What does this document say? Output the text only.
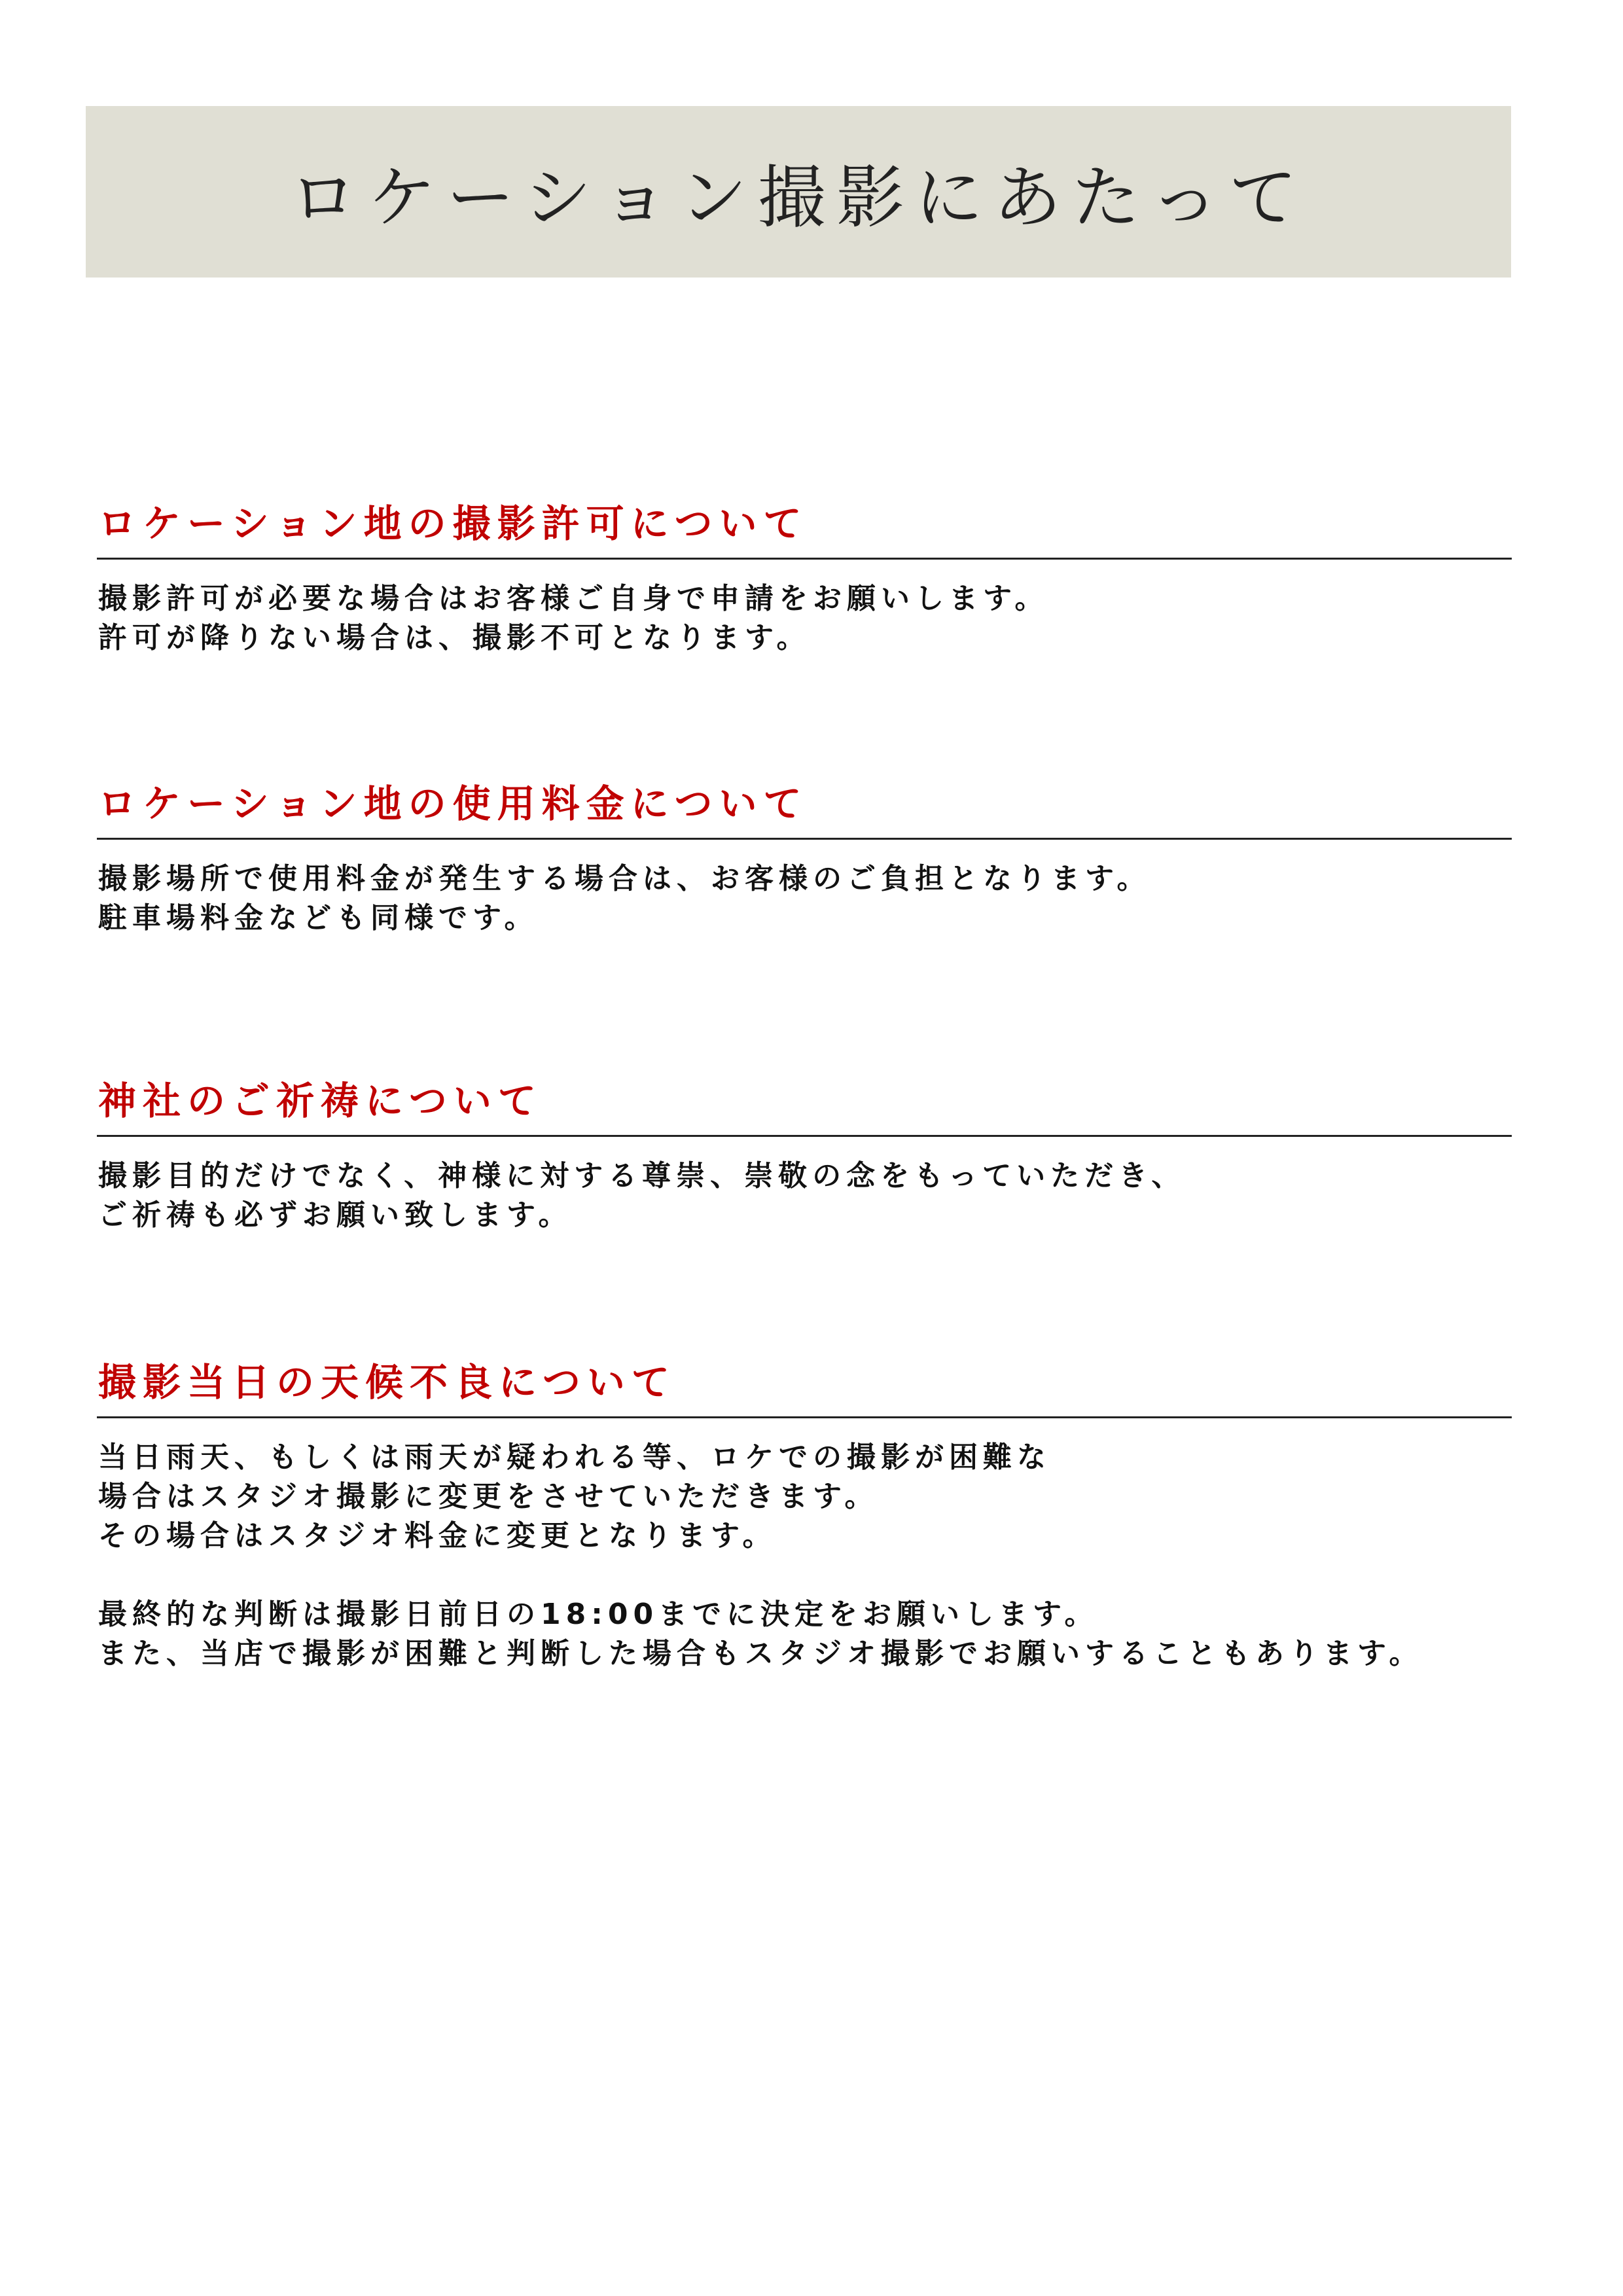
ロケーション撮影にあたって
ロケーション地の撮影許可について
撮影許可が必要な場合はお客様ご自身で申請をお願いします。
許可が降りない場合は、撮影不可となります。
ロケーション地の使用料金について
撮影場所で使用料金が発生する場合は、お客様のご負担となります。
駐車場料金なども同様です。
神社のご祈祷について
撮影目的だけでなく、神様に対する尊崇、崇敬の念をもっていただき、
ご祈祷も必ずお願い致します。
撮影当日の天候不良について
当日雨天、もしくは雨天が疑われる等、ロケでの撮影が困難な
場合はスタジオ撮影に変更をさせていただきます。
その場合はスタジオ料金に変更となります。
最終的な判断は撮影日前日の18:00までに決定をお願いします。
また、当店で撮影が困難と判断した場合もスタジオ撮影でお願いすることもあります。
